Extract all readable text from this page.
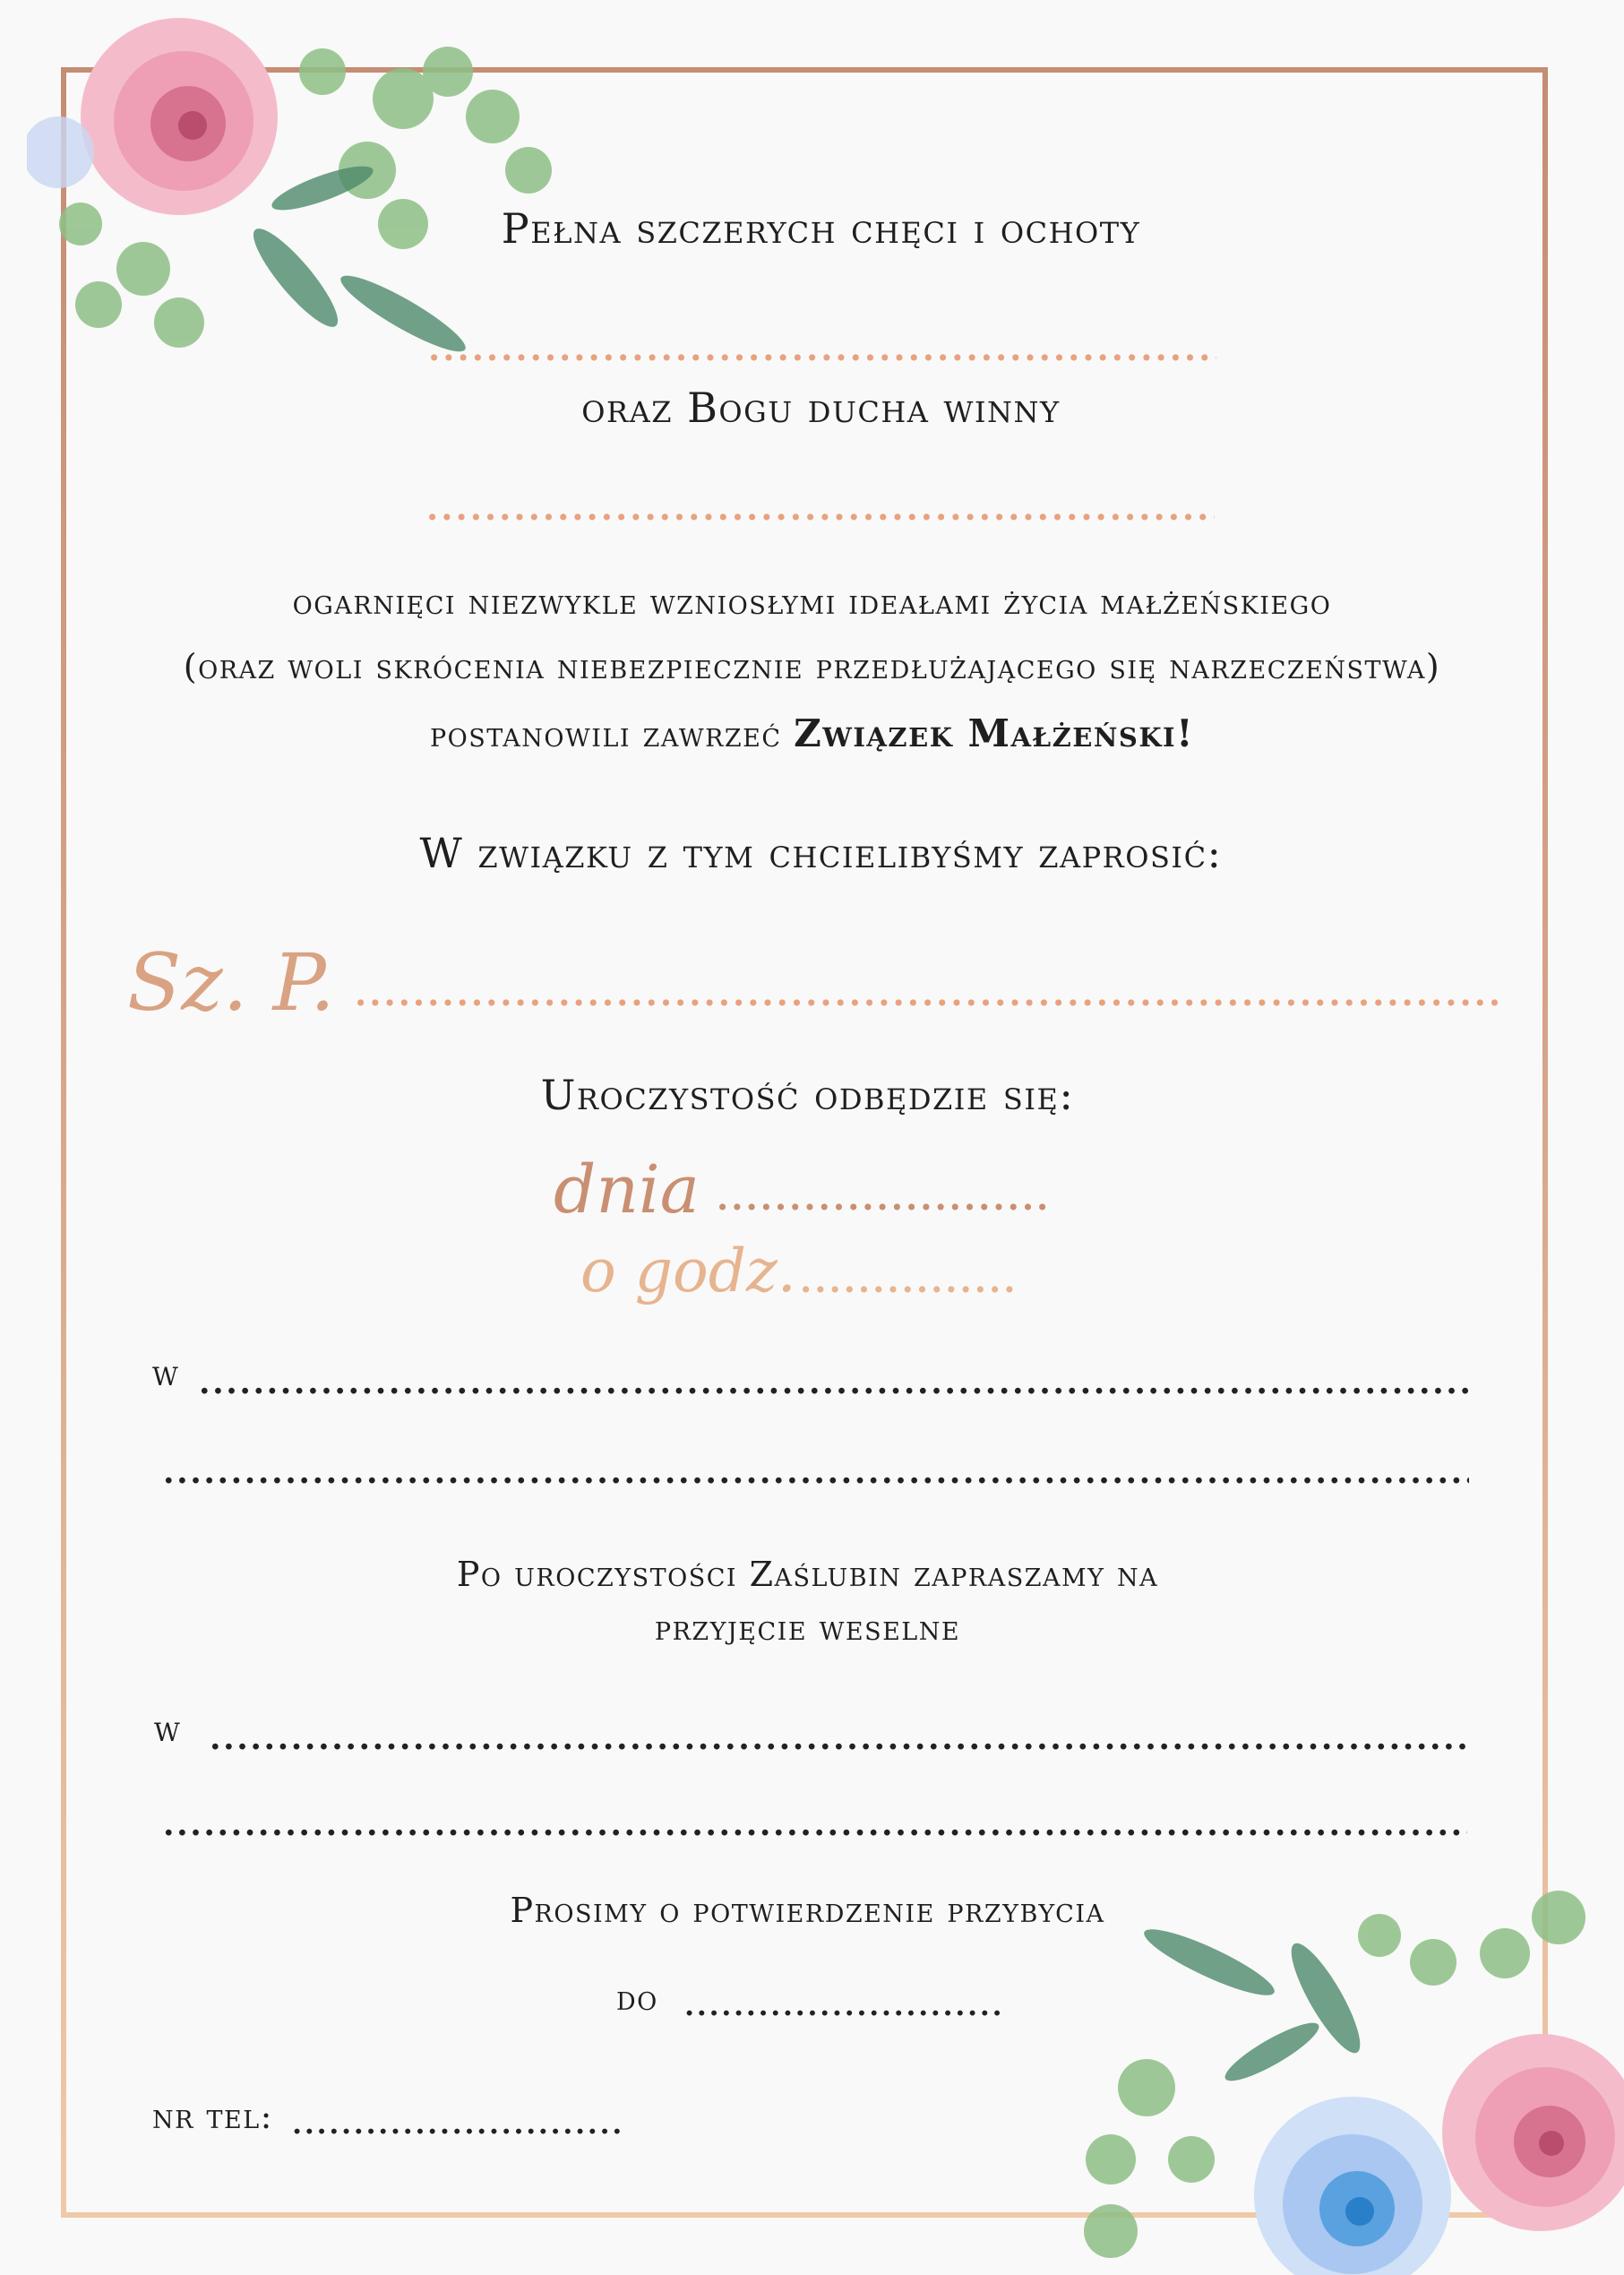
Pełna szczerych chęci i ochoty
.....
oraz Bogu ducha winny
.....
ogarnięci niezwykle wzniosłymi ideałami życia małżeńskiego
(oraz woli skrócenia niebezpiecznie przedłużającego się narzeczeństwa)
postanowili zawrzeć Związek Małżeński!
W związku z tym chcielibyśmy zaprosić:
Sz. P.
.....
Uroczystość odbędzie się:
dnia
.....
o godz.
.....
w
.....
.....
Po uroczystości Zaślubin zapraszamy na
przyjęcie weselne
w
.....
.....
Prosimy o potwierdzenie przybycia
do
.....
nr tel:
.....
